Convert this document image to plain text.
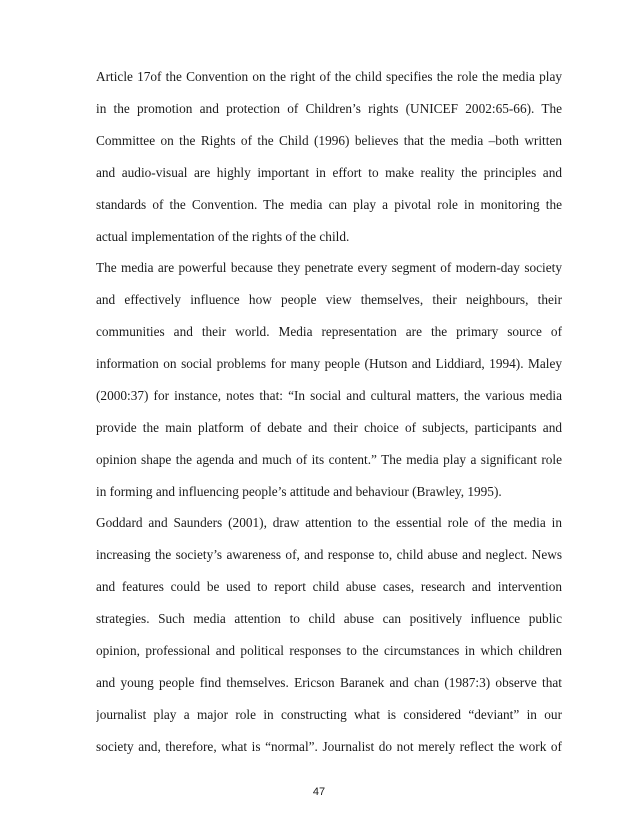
Article 17of the Convention on the right of the child specifies the role the media play
in the promotion and protection of Children’s rights (UNICEF 2002:65-66). The
Committee on the Rights of the Child (1996) believes that the media –both written
and audio-visual are highly important in effort to make reality the principles and
standards of the Convention. The media can play a pivotal role in monitoring the
actual implementation of the rights of the child.
The media are powerful because they penetrate every segment of modern-day society
and effectively influence how people view themselves, their neighbours, their
communities and their world. Media representation are the primary source of
information on social problems for many people (Hutson and Liddiard, 1994). Maley
(2000:37) for instance, notes that: “In social and cultural matters, the various media
provide the main platform of debate and their choice of subjects, participants and
opinion shape the agenda and much of its content.” The media play a significant role
in forming and influencing people’s attitude and behaviour (Brawley, 1995).
Goddard and Saunders (2001), draw attention to the essential role of the media in
increasing the society’s awareness of, and response to, child abuse and neglect. News
and features could be used to report child abuse cases, research and intervention
strategies. Such media attention to child abuse can positively influence public
opinion, professional and political responses to the circumstances in which children
and young people find themselves. Ericson Baranek and chan (1987:3) observe that
journalist play a major role in constructing what is considered “deviant” in our
society and, therefore, what is “normal”. Journalist do not merely reflect the work of
47
